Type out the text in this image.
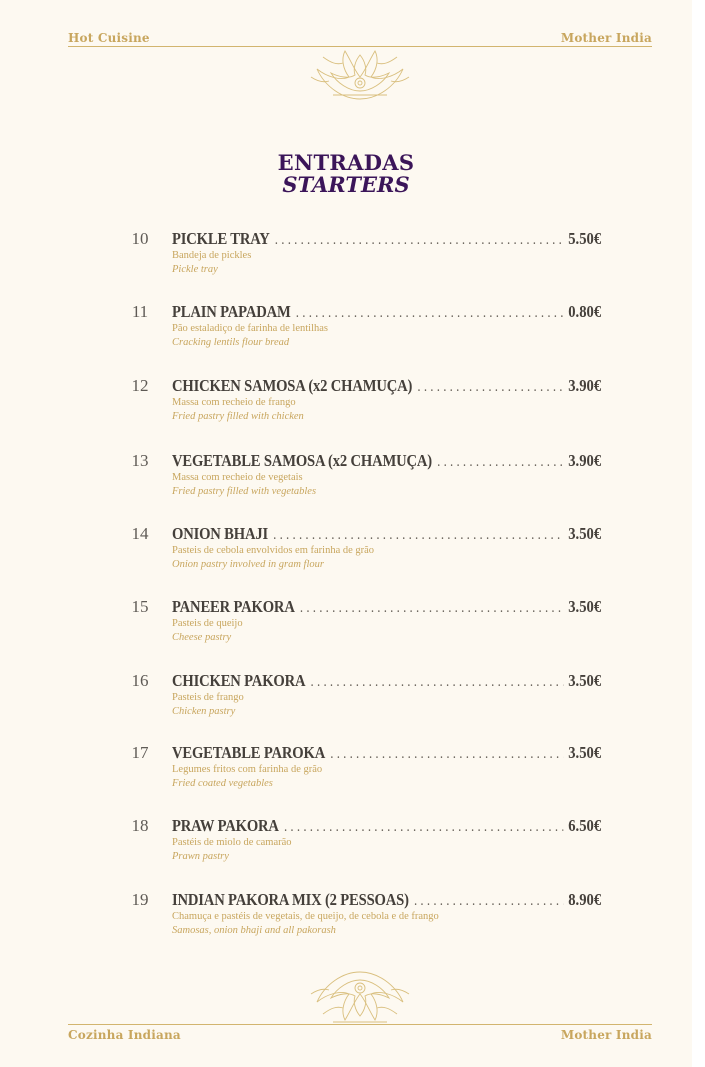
Hot Cuisine	Mother India
ENTRADAS
STARTERS
10 PICKLE TRAY . . .	5.50€
Bandeja de pickles
Pickle tray
11 PLAIN PAPADAM . . .	0.80€
Pão estaladiço de farinha de lentilhas
Cracking lentils flour bread
12 CHICKEN SAMOSA (x2 CHAMUÇA) . . .	3.90€
Massa com recheio de frango
Fried pastry filled with chicken
13 VEGETABLE SAMOSA (x2 CHAMUÇA) . . .	3.90€
Massa com recheio de vegetais
Fried pastry filled with vegetables
14 ONION BHAJI . . .	3.50€
Pasteis de cebola envolvidos em farinha de grão
Onion pastry involved in gram flour
15 PANEER PAKORA . . .	3.50€
Pasteis de queijo
Cheese pastry
16 CHICKEN PAKORA . . .	3.50€
Pasteis de frango
Chicken pastry
17 VEGETABLE PAROKA . . .	3.50€
Legumes fritos com farinha de grão
Fried coated vegetables
18 PRAW PAKORA . . .	6.50€
Pastéis de miolo de camarão
Prawn pastry
19 INDIAN PAKORA MIX (2 PESSOAS) . . .	8.90€
Chamuça e pastéis de vegetais, de queijo, de cebola e de frango
Samosas, onion bhaji and all pakorash
Cozinha Indiana	Mother India
